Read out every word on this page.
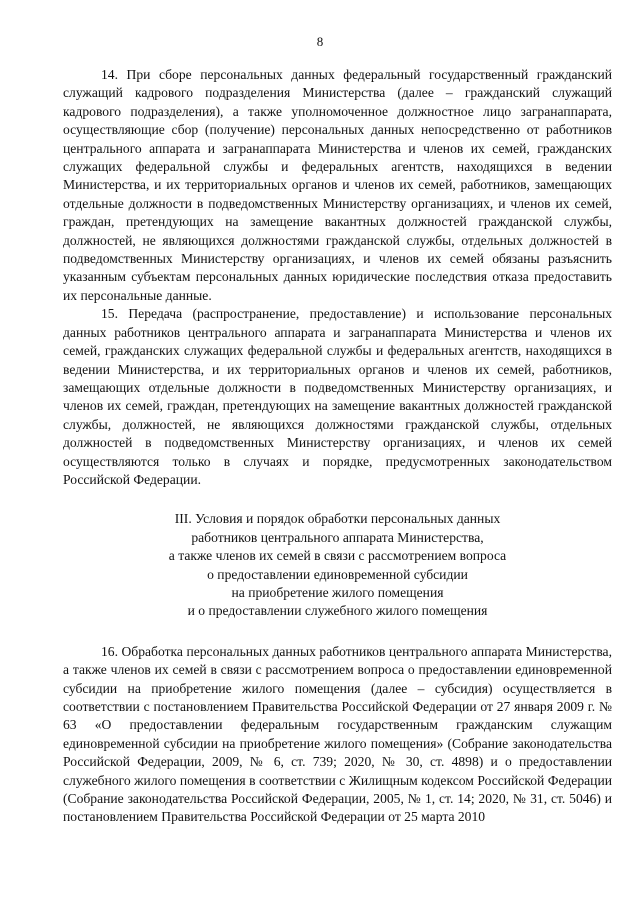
8

14. При сборе персональных данных федеральный государственный гражданский служащий кадрового подразделения Министерства (далее – гражданский служащий кадрового подразделения), а также уполномоченное должностное лицо загранаппарата, осуществляющие сбор (получение) персональных данных непосредственно от работников центрального аппарата и загранаппарата Министерства и членов их семей, гражданских служащих федеральной службы и федеральных агентств, находящихся в ведении Министерства, и их территориальных органов и членов их семей, работников, замещающих отдельные должности в подведомственных Министерству организациях, и членов их семей, граждан, претендующих на замещение вакантных должностей гражданской службы, должностей, не являющихся должностями гражданской службы, отдельных должностей в подведомственных Министерству организациях, и членов их семей обязаны разъяснить указанным субъектам персональных данных юридические последствия отказа предоставить их персональные данные.

15. Передача (распространение, предоставление) и использование персональных данных работников центрального аппарата и загранаппарата Министерства и членов их семей, гражданских служащих федеральной службы и федеральных агентств, находящихся в ведении Министерства, и их территориальных органов и членов их семей, работников, замещающих отдельные должности в подведомственных Министерству организациях, и членов их семей, граждан, претендующих на замещение вакантных должностей гражданской службы, должностей, не являющихся должностями гражданской службы, отдельных должностей в подведомственных Министерству организациях, и членов их семей осуществляются только в случаях и порядке, предусмотренных законодательством Российской Федерации.

III. Условия и порядок обработки персональных данных
работников центрального аппарата Министерства,
а также членов их семей в связи с рассмотрением вопроса
о предоставлении единовременной субсидии
на приобретение жилого помещения
и о предоставлении служебного жилого помещения

16. Обработка персональных данных работников центрального аппарата Министерства, а также членов их семей в связи с рассмотрением вопроса о предоставлении единовременной субсидии на приобретение жилого помещения (далее – субсидия) осуществляется в соответствии с постановлением Правительства Российской Федерации от 27 января 2009 г. № 63 «О предоставлении федеральным государственным гражданским служащим единовременной субсидии на приобретение жилого помещения» (Собрание законодательства Российской Федерации, 2009, № 6, ст. 739; 2020, № 30, ст. 4898) и о предоставлении служебного жилого помещения в соответствии с Жилищным кодексом Российской Федерации (Собрание законодательства Российской Федерации, 2005, № 1, ст. 14; 2020, № 31, ст. 5046) и постановлением Правительства Российской Федерации от 25 марта 2010
